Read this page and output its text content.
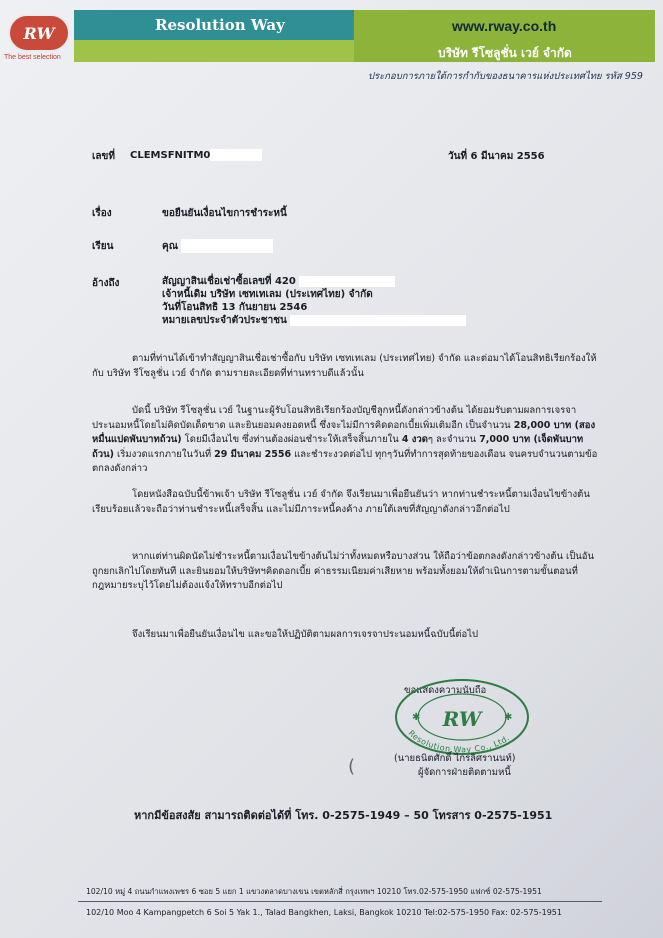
RW
The best selection
Resolution Way	www.rway.co.th
บริษัท รีโซลูชั่น เวย์ จำกัด
ประกอบการภายใต้การกำกับของธนาคารแห่งประเทศไทย รหัส 959
เลขที่ CLEMSFNITM0	วันที่ 6 มีนาคม 2556
เรื่อง	ขอยืนยันเงื่อนไขการชำระหนี้
เรียน	คุณ
อ้างถึง	สัญญาสินเชื่อเช่าซื้อเลขที่ 420
เจ้าหนี้เดิม บริษัท เซทเทเลม (ประเทศไทย) จำกัด
วันที่โอนสิทธิ 13 กันยายน 2546
หมายเลขประจำตัวประชาชน

ตามที่ท่านได้เข้าทำสัญญาสินเชื่อเช่าซื้อกับ บริษัท เซทเทเลม (ประเทศไทย) จำกัด และต่อมาได้โอนสิทธิเรียกร้องให้กับ บริษัท รีโซลูชั่น เวย์ จำกัด ตามรายละเอียดที่ท่านทราบดีแล้วนั้น

บัดนี้ บริษัท รีโซลูชั่น เวย์ ในฐานะผู้รับโอนสิทธิเรียกร้องบัญชีลูกหนี้ดังกล่าวข้างต้น ได้ยอมรับตามผลการเจรจาประนอมหนี้โดยไม่คิดบัดเด็ดขาด และยินยอมคงยอดหนี้ ซึ่งจะไม่มีการคิดดอกเบี้ยเพิ่มเติมอีก เป็นจำนวน 28,000 บาท (สองหมื่นแปดพันบาทถ้วน) โดยมีเงื่อนไข ซึ่งท่านต้องผ่อนชำระให้เสร็จสิ้นภายใน 4 งวดๆ ละจำนวน 7,000 บาท (เจ็ดพันบาทถ้วน) เริ่มงวดแรกภายในวันที่ 29 มีนาคม 2556 และชำระงวดต่อไป ทุกๆวันที่ทำการสุดท้ายของเดือน จนครบจำนวนตามข้อตกลงดังกล่าว

โดยหนังสือฉบับนี้ข้าพเจ้า บริษัท รีโซลูชั่น เวย์ จำกัด จึงเรียนมาเพื่อยืนยันว่า หากท่านชำระหนี้ตามเงื่อนไขข้างต้นเรียบร้อยแล้วจะถือว่าท่านชำระหนี้เสร็จสิ้น และไม่มีภาระหนี้คงค้าง ภายใต้เลขที่สัญญาดังกล่าวอีกต่อไป

หากแต่ท่านผิดนัดไม่ชำระหนี้ตามเงื่อนไขข้างต้นไม่ว่าทั้งหมดหรือบางส่วน ให้ถือว่าข้อตกลงดังกล่าวข้างต้น เป็นอันถูกยกเลิกไปโดยทันที และยินยอมให้บริษัทฯคิดดอกเบี้ย ค่าธรรมเนียมค่าเสียหาย พร้อมทั้งยอมให้ดำเนินการตามขั้นตอนที่กฎหมายระบุไว้โดยไม่ต้องแจ้งให้ทราบอีกต่อไป

จึงเรียนมาเพื่อยืนยันเงื่อนไข และขอให้ปฏิบัติตามผลการเจรจาประนอมหนี้ฉบับนี้ต่อไป

ขอแสดงความนับถือ
Resolution Way Co., Ltd.
RW
✱	✱
(	(นายธนิตศักดิ์ ไกรลิศรานนท์)
ผู้จัดการฝ่ายติดตามหนี้
หากมีข้อสงสัย สามารถติดต่อได้ที่ โทร. 0-2575-1949 – 50 โทรสาร 0-2575-1951
102/10 หมู่ 4 ถนนกำแพงเพชร 6 ซอย 5 แยก 1 แขวงตลาดบางเขน เขตหลักสี่ กรุงเทพฯ 10210 โทร.02-575-1950 แฟกซ์ 02-575-1951
102/10 Moo 4 Kampangpetch 6 Soi 5 Yak 1., Talad Bangkhen, Laksi, Bangkok 10210 Tel:02-575-1950 Fax: 02-575-1951
